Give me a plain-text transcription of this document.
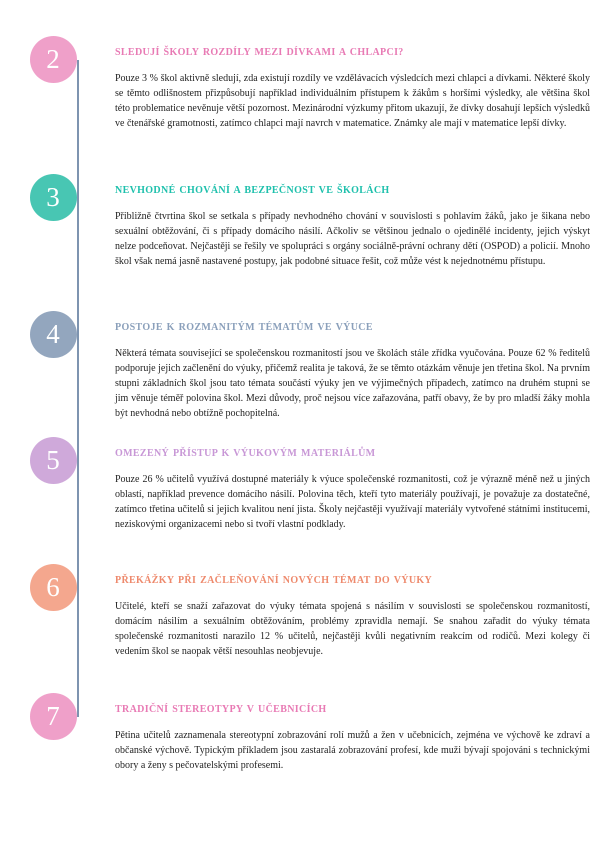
2	SLEDUJÍ ŠKOLY ROZDÍLY MEZI DÍVKAMI A CHLAPCI?

Pouze 3 % škol aktivně sledují, zda existují rozdíly ve vzdělávacích výsledcích mezi chlapci a dívkami. Některé školy se těmto odlišnostem přizpůsobují například individuálním přístupem k žákům s horšími výsledky, ale většina škol této problematice nevěnuje větší pozornost. Mezinárodní výzkumy přitom ukazují, že dívky dosahují lepších výsledků ve čtenářské gramotnosti, zatímco chlapci mají navrch v matematice. Známky ale mají v matematice lepší dívky.

3	NEVHODNÉ CHOVÁNÍ A BEZPEČNOST VE ŠKOLÁCH

Přibližně čtvrtina škol se setkala s případy nevhodného chování v souvislosti s pohlavím žáků, jako je šikana nebo sexuální obtěžování, či s případy domácího násilí. Ačkoliv se většinou jednalo o ojedinělé incidenty, jejich výskyt nelze podceňovat. Nejčastěji se řešily ve spolupráci s orgány sociálně-právní ochrany dětí (OSPOD) a policií. Mnoho škol však nemá jasně nastavené postupy, jak podobné situace řešit, což může vést k nejednotnému přístupu.

4	POSTOJE K ROZMANITÝM TÉMATŮM VE VÝUCE

Některá témata související se společenskou rozmanitostí jsou ve školách stále zřídka vyučována. Pouze 62 % ředitelů podporuje jejich začlenění do výuky, přičemž realita je taková, že se těmto otázkám věnuje jen třetina škol. Na prvním stupni základních škol jsou tato témata součástí výuky jen ve výjimečných případech, zatímco na druhém stupni se jim věnuje téměř polovina škol. Mezi důvody, proč nejsou více zařazována, patří obavy, že by pro mladší žáky mohla být nevhodná nebo obtížně pochopitelná.

5	OMEZENÝ PŘÍSTUP K VÝUKOVÝM MATERIÁLŮM

Pouze 26 % učitelů využívá dostupné materiály k výuce společenské rozmanitosti, což je výrazně méně než u jiných oblastí, například prevence domácího násilí. Polovina těch, kteří tyto materiály používají, je považuje za dostatečné, zatímco třetina učitelů si jejich kvalitou není jista. Školy nejčastěji využívají materiály vytvořené státními institucemi, neziskovými organizacemi nebo si tvoří vlastní podklady.

6	PŘEKÁŽKY PŘI ZAČLEŇOVÁNÍ NOVÝCH TÉMAT DO VÝUKY

Učitelé, kteří se snaží zařazovat do výuky témata spojená s násilím v souvislosti se společenskou rozmanitostí, domácím násilím a sexuálním obtěžováním, problémy zpravidla nemají. Se snahou zařadit do výuky témata společenské rozmanitosti narazilo 12 % učitelů, nejčastěji kvůli negativním reakcím od rodičů. Mezi kolegy či vedením škol se naopak větší nesouhlas neobjevuje.

7	TRADIČNÍ STEREOTYPY V UČEBNICÍCH

Pětina učitelů zaznamenala stereotypní zobrazování rolí mužů a žen v učebnicích, zejména ve výchově ke zdraví a občanské výchově. Typickým příkladem jsou zastaralá zobrazování profesí, kde muži bývají spojováni s technickými obory a ženy s pečovatelskými profesemi.
